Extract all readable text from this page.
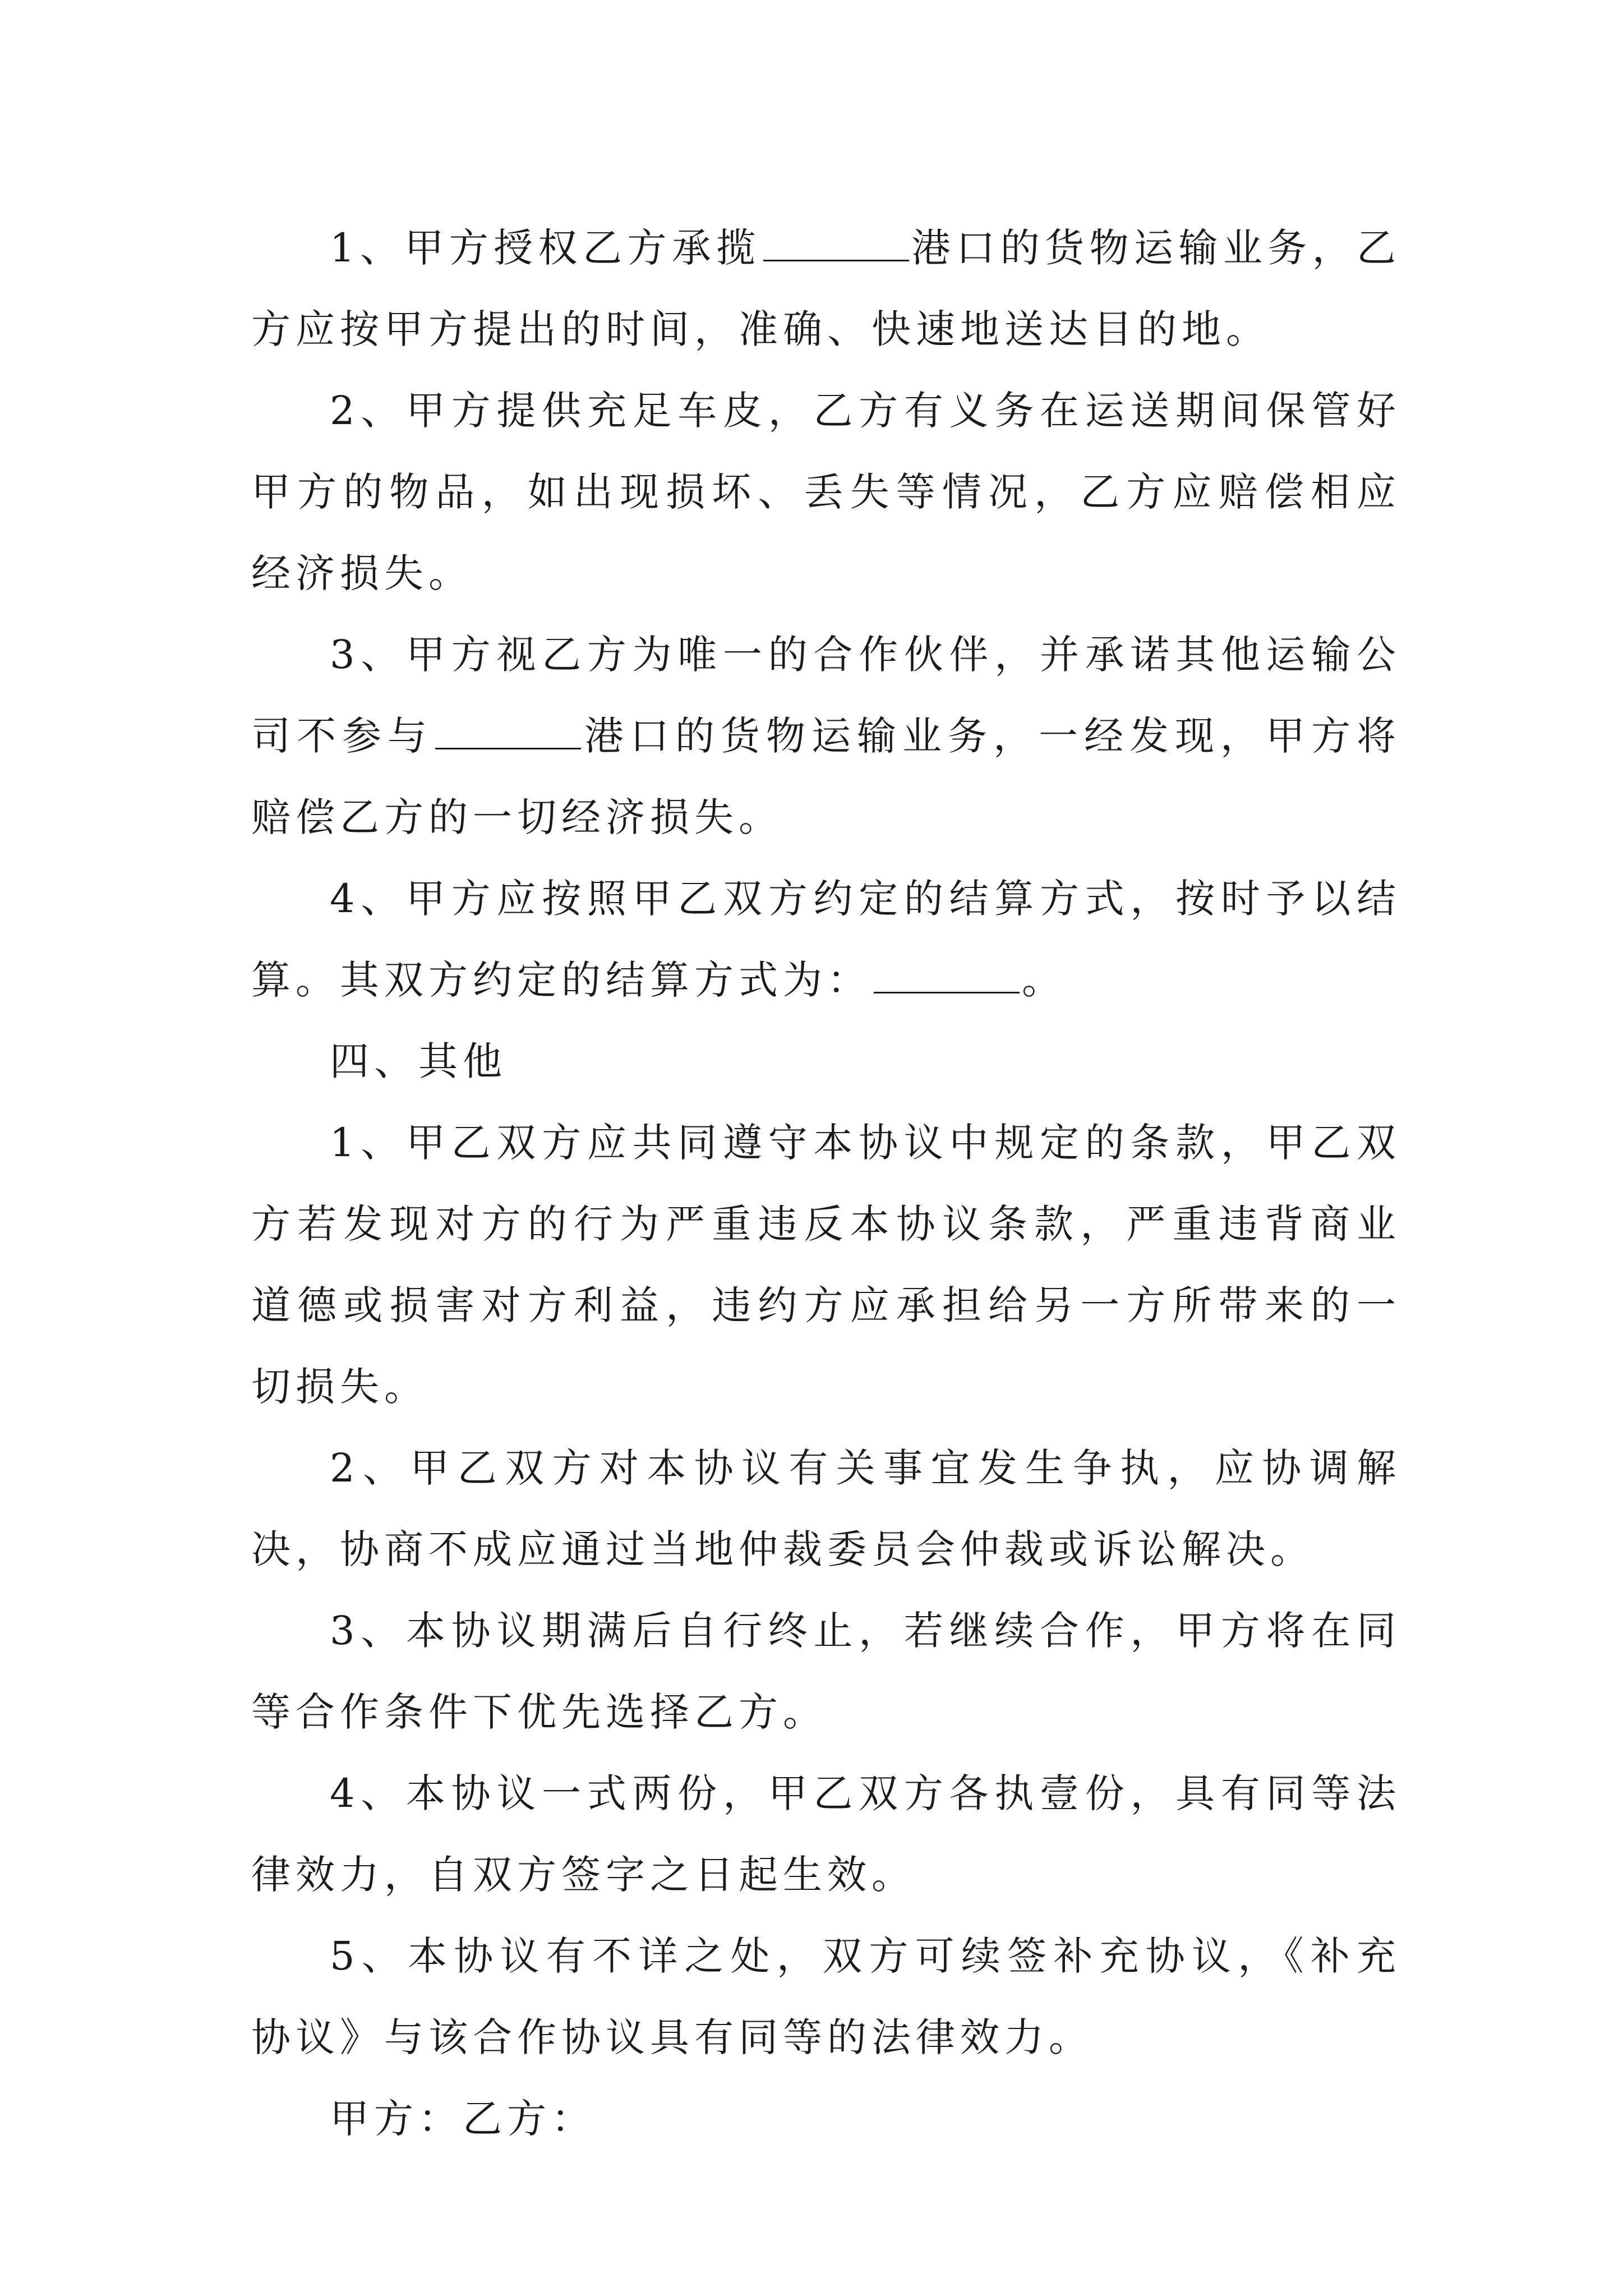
1、甲方授权乙方承揽	港口的货物运输业务，乙方应按甲方提出的时间，准确、快速地送达目的地。

2、甲方提供充足车皮，乙方有义务在运送期间保管好甲方的物品，如出现损坏、丢失等情况，乙方应赔偿相应经济损失。

3、甲方视乙方为唯一的合作伙伴，并承诺其他运输公司不参与	港口的货物运输业务，一经发现，甲方将赔偿乙方的一切经济损失。

4、甲方应按照甲乙双方约定的结算方式，按时予以结算。其双方约定的结算方式为：	。

四、其他

1、甲乙双方应共同遵守本协议中规定的条款，甲乙双方若发现对方的行为严重违反本协议条款，严重违背商业道德或损害对方利益，违约方应承担给另一方所带来的一切损失。

2、甲乙双方对本协议有关事宜发生争执，应协调解决，协商不成应通过当地仲裁委员会仲裁或诉讼解决。

3、本协议期满后自行终止，若继续合作，甲方将在同等合作条件下优先选择乙方。

4、本协议一式两份，甲乙双方各执壹份，具有同等法律效力，自双方签字之日起生效。

5、本协议有不详之处，双方可续签补充协议，《补充协议》与该合作协议具有同等的法律效力。

甲方：乙方：
